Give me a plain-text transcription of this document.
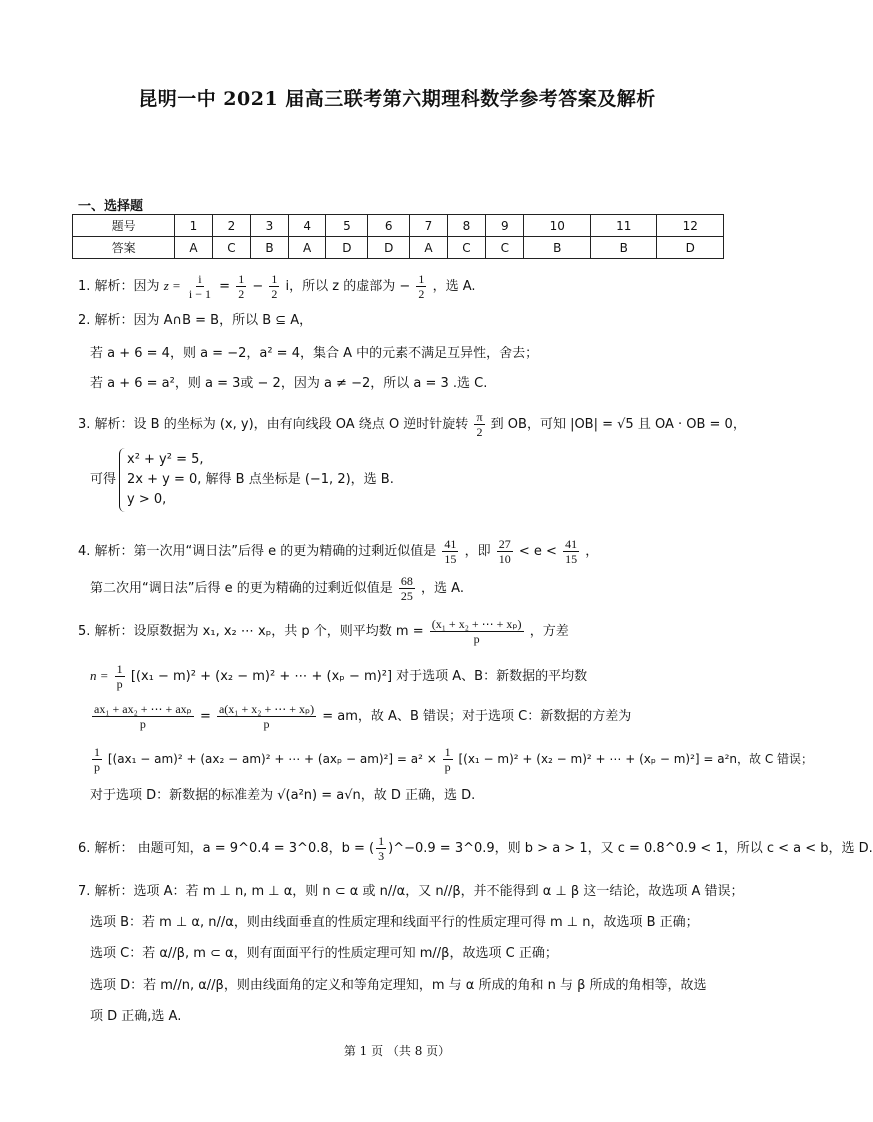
昆明一中 2021 届高三联考第六期理科数学参考答案及解析
一、选择题
题号	1	2	3	4	5	6	7	8	9	10	11	12
答案	A	C	B	A	D	D	A	C	C	B	B	D
1. 解析：因为 $z = \frac{i}{i - 1} = \frac{1}{2} - \frac{1}{2}$ i，所以 z 的虚部为 − $\frac{1}{2}$ ，选 A.
2. 解析：因为 A∩B = B，所以 B ⊆ A，
若 a + 6 = 4，则 a = −2，a² = 4，集合 A 中的元素不满足互异性，舍去；
若 a + 6 = a²，则 a = 3或 − 2，因为 a ≠ −2，所以 a = 3 .选 C.
3. 解析：设 B 的坐标为 (x, y)，由有向线段 OA 绕点 O 逆时针旋转 $\frac{\pi}{2}$ 到 OB，可知 |OB| = √5 且 OA · OB = 0，
可得
x² + y² = 5,
2x + y = 0, 解得 B 点坐标是 (−1, 2)，选 B.
y > 0,
4. 解析：第一次用“调日法”后得 e 的更为精确的过剩近似值是 $\frac{41}{15}$ ，即 $\frac{27}{10} < e < \frac{41}{15}$ ，
第二次用“调日法”后得 e 的更为精确的过剩近似值是 $\frac{68}{25}$ ，选 A.
5. 解析：设原数据为 x₁, x₂ ⋯ xₚ，共 p 个，则平均数 $m = \frac{\text{(x₁ + x₂ + ⋯ + xₚ)}}{p}$ ，方差
$n = \frac{1}{p} [(x_1 - m)^2 + (x_2 - m)^2$ + ⋯ + (xₚ − m)²] 对于选项 A、B：新数据的平均数
$\frac{\text{ax₁ + ax₂ + ⋯ + axₚ}}{p} = \frac{\text{a(x₁ + x₂ + ⋯ + xₚ)}}{p}$ = am，故 A、B 错误；对于选项 C：新数据的方差为
$\frac{1}{p} [(ax_1 - am)^2 + (ax_2 - am)^2$ + ⋯ + $(ax_p - am)^2] = a^2 \times \frac{1}{p} [(x_1 - m)^2 + (x_2 - m)^2$ + ⋯ + (xₚ − m)²] = a²n，故 C 错误；
对于选项 D：新数据的标准差为 √(a²n) = a√n，故 D 正确，选 D.
6. 解析： 由题可知，a = 9^0.4 = 3^0.8，b = ( $\frac{1}{3}$ )^−0.9 = 3^0.9，则 b > a > 1，又 c = 0.8^0.9 < 1，所以 c < a < b，选 D.
7. 解析：选项 A：若 m ⊥ n, m ⊥ α，则 n ⊂ α 或 n//α，又 n//β，并不能得到 α ⊥ β 这一结论，故选项 A 错误；
选项 B：若 m ⊥ α, n//α，则由线面垂直的性质定理和线面平行的性质定理可得 m ⊥ n，故选项 B 正确；
选项 C：若 α//β, m ⊂ α，则有面面平行的性质定理可知 m//β，故选项 C 正确；
选项 D：若 m//n, α//β，则由线面角的定义和等角定理知，m 与 α 所成的角和 n 与 β 所成的角相等，故选
项 D 正确,选 A.
第 1 页 （共 8 页）
